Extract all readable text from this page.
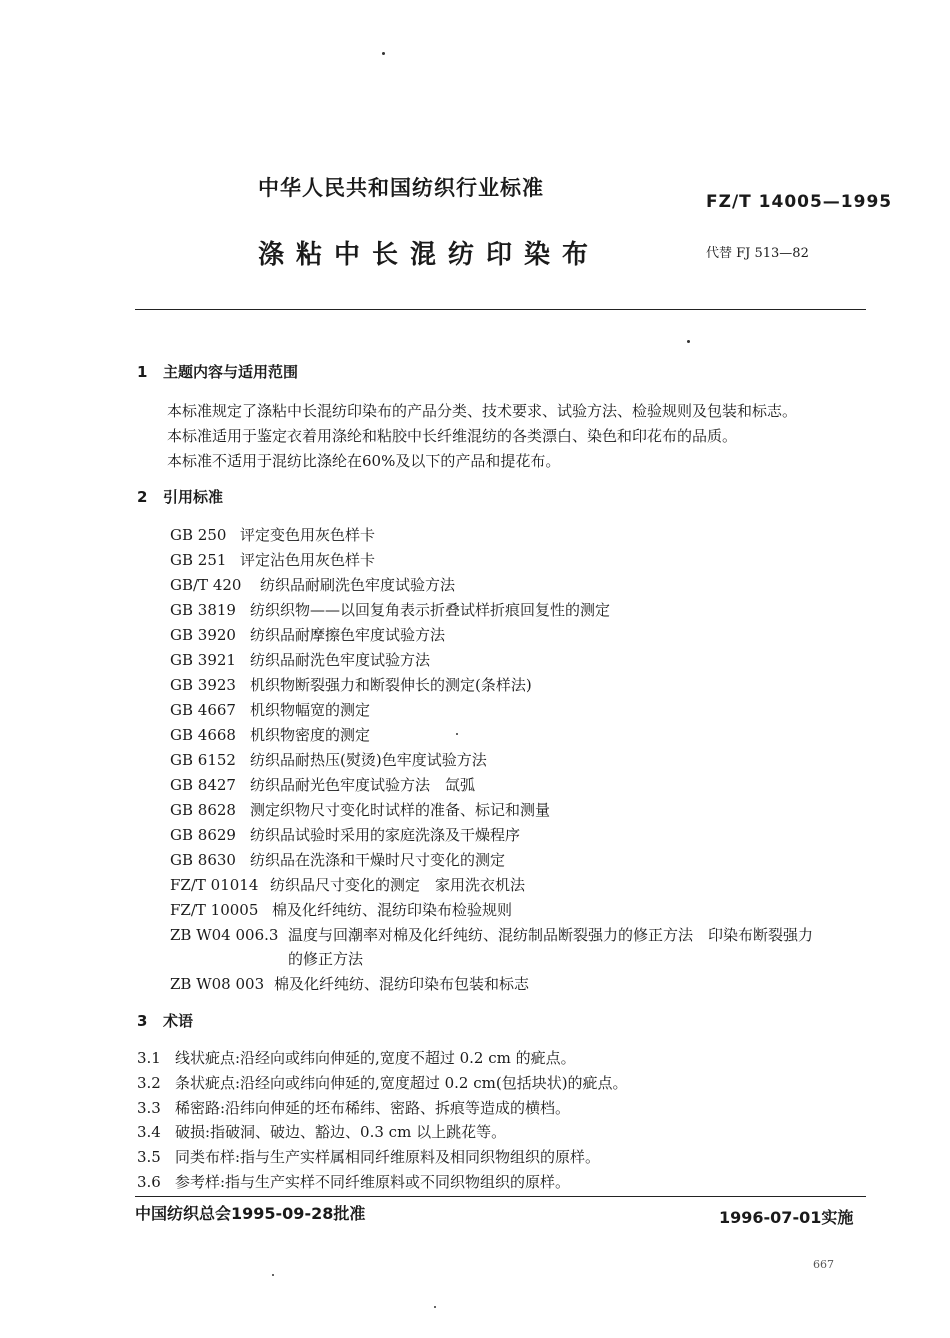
中华人民共和国纺织行业标准
FZ/T 14005—1995
涤粘中长混纺印染布	代替 FJ 513—82
1 主题内容与适用范围
本标准规定了涤粘中长混纺印染布的产品分类、技术要求、试验方法、检验规则及包装和标志。
本标准适用于鉴定衣着用涤纶和粘胶中长纤维混纺的各类漂白、染色和印花布的品质。
本标准不适用于混纺比涤纶在60%及以下的产品和提花布。
2 引用标准
GB 250 评定变色用灰色样卡
GB 251 评定沾色用灰色样卡
GB/T 420 纺织品耐刷洗色牢度试验方法
GB 3819 纺织织物——以回复角表示折叠试样折痕回复性的测定
GB 3920 纺织品耐摩擦色牢度试验方法
GB 3921 纺织品耐洗色牢度试验方法
GB 3923 机织物断裂强力和断裂伸长的测定(条样法)
GB 4667 机织物幅宽的测定
GB 4668 机织物密度的测定
GB 6152 纺织品耐热压(熨烫)色牢度试验方法
GB 8427 纺织品耐光色牢度试验方法　氙弧
GB 8628 测定织物尺寸变化时试样的准备、标记和测量
GB 8629 纺织品试验时采用的家庭洗涤及干燥程序
GB 8630 纺织品在洗涤和干燥时尺寸变化的测定
FZ/T 01014 纺织品尺寸变化的测定　家用洗衣机法
FZ/T 10005 棉及化纤纯纺、混纺印染布检验规则
ZB W04 006.3 温度与回潮率对棉及化纤纯纺、混纺制品断裂强力的修正方法　印染布断裂强力
的修正方法
ZB W08 003 棉及化纤纯纺、混纺印染布包装和标志
3 术语
3.1 线状疵点:沿经向或纬向伸延的,宽度不超过 0.2 cm 的疵点。
3.2 条状疵点:沿经向或纬向伸延的,宽度超过 0.2 cm(包括块状)的疵点。
3.3 稀密路:沿纬向伸延的坯布稀纬、密路、拆痕等造成的横档。
3.4 破损:指破洞、破边、豁边、0.3 cm 以上跳花等。
3.5 同类布样:指与生产实样属相同纤维原料及相同织物组织的原样。
3.6 参考样:指与生产实样不同纤维原料或不同织物组织的原样。
中国纺织总会1995-09-28批准	1996-07-01实施
667
